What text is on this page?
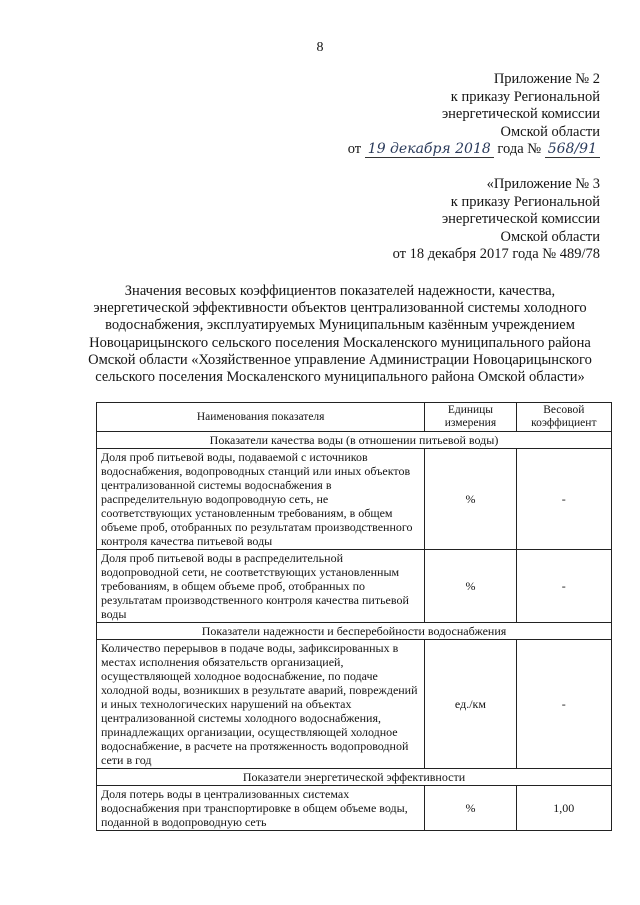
8
Приложение № 2
к приказу Региональной
энергетической комиссии
Омской области
от 19 декабря 2018 года № 568/91
«Приложение № 3
к приказу Региональной
энергетической комиссии
Омской области
от 18 декабря 2017 года № 489/78
Значения весовых коэффициентов показателей надежности, качества, энергетической эффективности объектов централизованной системы холодного водоснабжения, эксплуатируемых Муниципальным казённым учреждением Новоцарицынского сельского поселения Москаленского муниципального района Омской области «Хозяйственное управление Администрации Новоцарицынского сельского поселения Москаленского муниципального района Омской области»
Наименования показателя	Единицы измерения	Весовой коэффициент
Показатели качества воды (в отношении питьевой воды)		
Доля проб питьевой воды, подаваемой с источников водоснабжения, водопроводных станций или иных объектов централизованной системы водоснабжения в распределительную водопроводную сеть, не соответствующих установленным требованиям, в общем объеме проб, отобранных по результатам производственного контроля качества питьевой воды	%	-
Доля проб питьевой воды в распределительной водопроводной сети, не соответствующих установленным требованиям, в общем объеме проб, отобранных по результатам производственного контроля качества питьевой воды	%	-
Показатели надежности и бесперебойности водоснабжения		
Количество перерывов в подаче воды, зафиксированных в местах исполнения обязательств организацией, осуществляющей холодное водоснабжение, по подаче холодной воды, возникших в результате аварий, повреждений и иных технологических нарушений на объектах централизованной системы холодного водоснабжения, принадлежащих организации, осуществляющей холодное водоснабжение, в расчете на протяженность водопроводной сети в год	ед./км	-
Показатели энергетической эффективности		
Доля потерь воды в централизованных системах водоснабжения при транспортировке в общем объеме воды, поданной в водопроводную сеть	%	1,00
